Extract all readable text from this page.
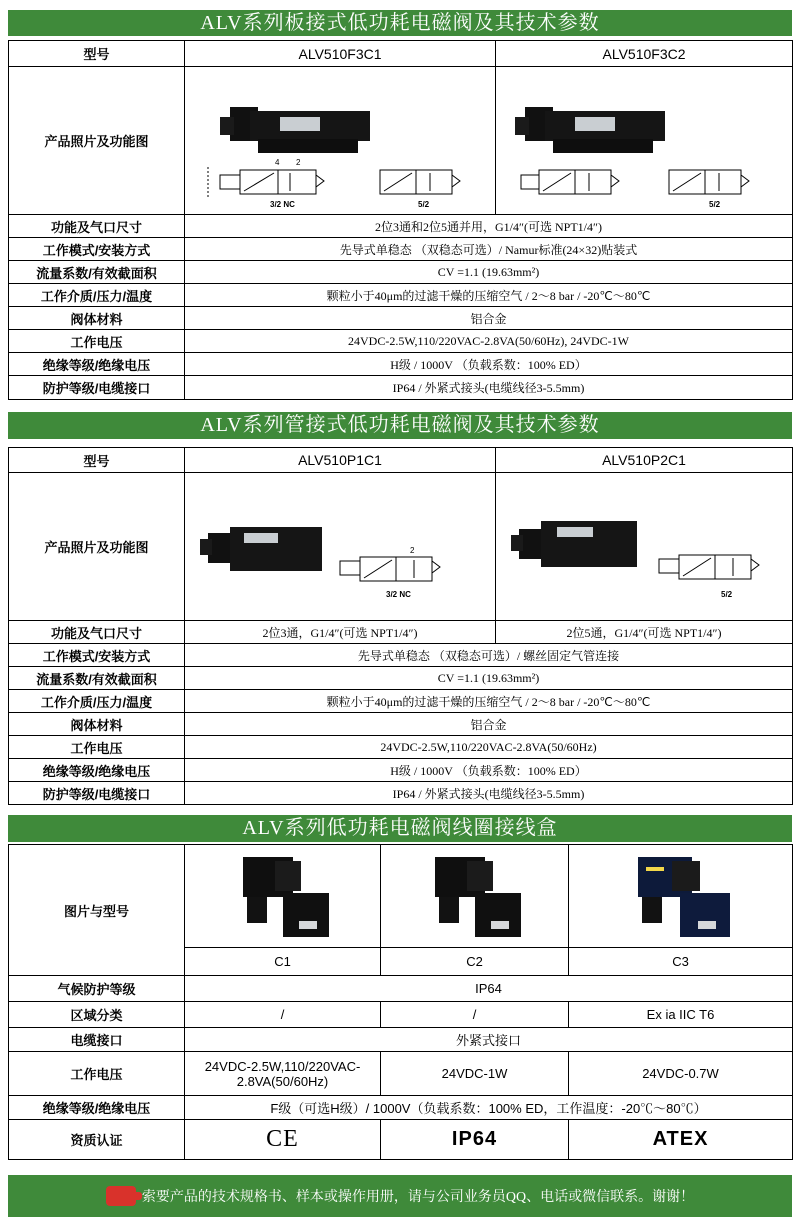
ALV系列板接式低功耗电磁阀及其技术参数
型号	ALV510F3C1	ALV510F3C2
产品照片及功能图	4 2
3/2 NC 5/2	5/2

功能及气口尺寸	2位3通和2位5通并用，G1/4″(可选 NPT1/4″)	
工作模式/安装方式	先导式单稳态 （双稳态可选）/ Namur标准(24×32)贴装式	
流量系数/有效截面积	CV =1.1 (19.63mm²)	
工作介质/压力/温度	颗粒小于40μm的过滤干燥的压缩空气 / 2～8 bar / -20℃～80℃	
阀体材料	铝合金	
工作电压	24VDC-2.5W,110/220VAC-2.8VA(50/60Hz), 24VDC-1W	
绝缘等级/绝缘电压	H级 / 1000V （负载系数：100% ED）	
防护等级/电缆接口	IP64 / 外紧式接头(电缆线径3-5.5mm)	
ALV系列管接式低功耗电磁阀及其技术参数
型号	ALV510P1C1	ALV510P2C1
产品照片及功能图	2
3/2 NC	5/2

功能及气口尺寸	2位3通，G1/4″(可选 NPT1/4″)	2位5通，G1/4″(可选 NPT1/4″)
工作模式/安装方式	先导式单稳态 （双稳态可选）/ 螺丝固定气管连接	
流量系数/有效截面积	CV =1.1 (19.63mm²)	
工作介质/压力/温度	颗粒小于40μm的过滤干燥的压缩空气 / 2～8 bar / -20℃～80℃	
阀体材料	铝合金	
工作电压	24VDC-2.5W,110/220VAC-2.8VA(50/60Hz)	
绝缘等级/绝缘电压	H级 / 1000V （负载系数：100% ED）	
防护等级/电缆接口	IP64 / 外紧式接头(电缆线径3-5.5mm)	
ALV系列低功耗电磁阀线圈接线盒
图片与型号			
	C1	C2	C3
气候防护等级	IP64		
区域分类	/	/	Ex ia IIC T6
电缆接口	外紧式接口		
工作电压	24VDC-2.5W,110/220VAC-2.8VA(50/60Hz)	24VDC-1W	24VDC-0.7W
绝缘等级/绝缘电压	F级（可选H级）/ 1000V（负载系数：100% ED，工作温度：-20℃～80℃）		
资质认证	CE	IP64	ATEX
索要产品的技术规格书、样本或操作用册，请与公司业务员QQ、电话或微信联系。谢谢！
